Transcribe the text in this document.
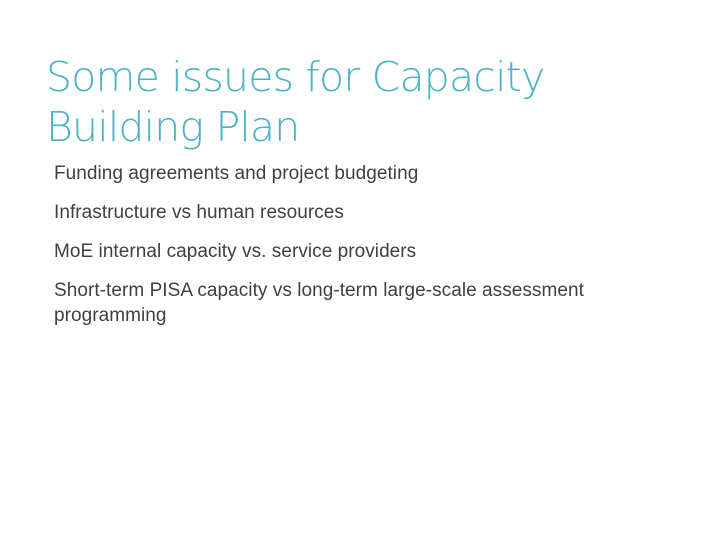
Some issues for Capacity Building Plan
Funding agreements and project budgeting
Infrastructure vs human resources
MoE internal capacity vs. service providers
Short-term PISA capacity vs long-term large-scale assessment programming
